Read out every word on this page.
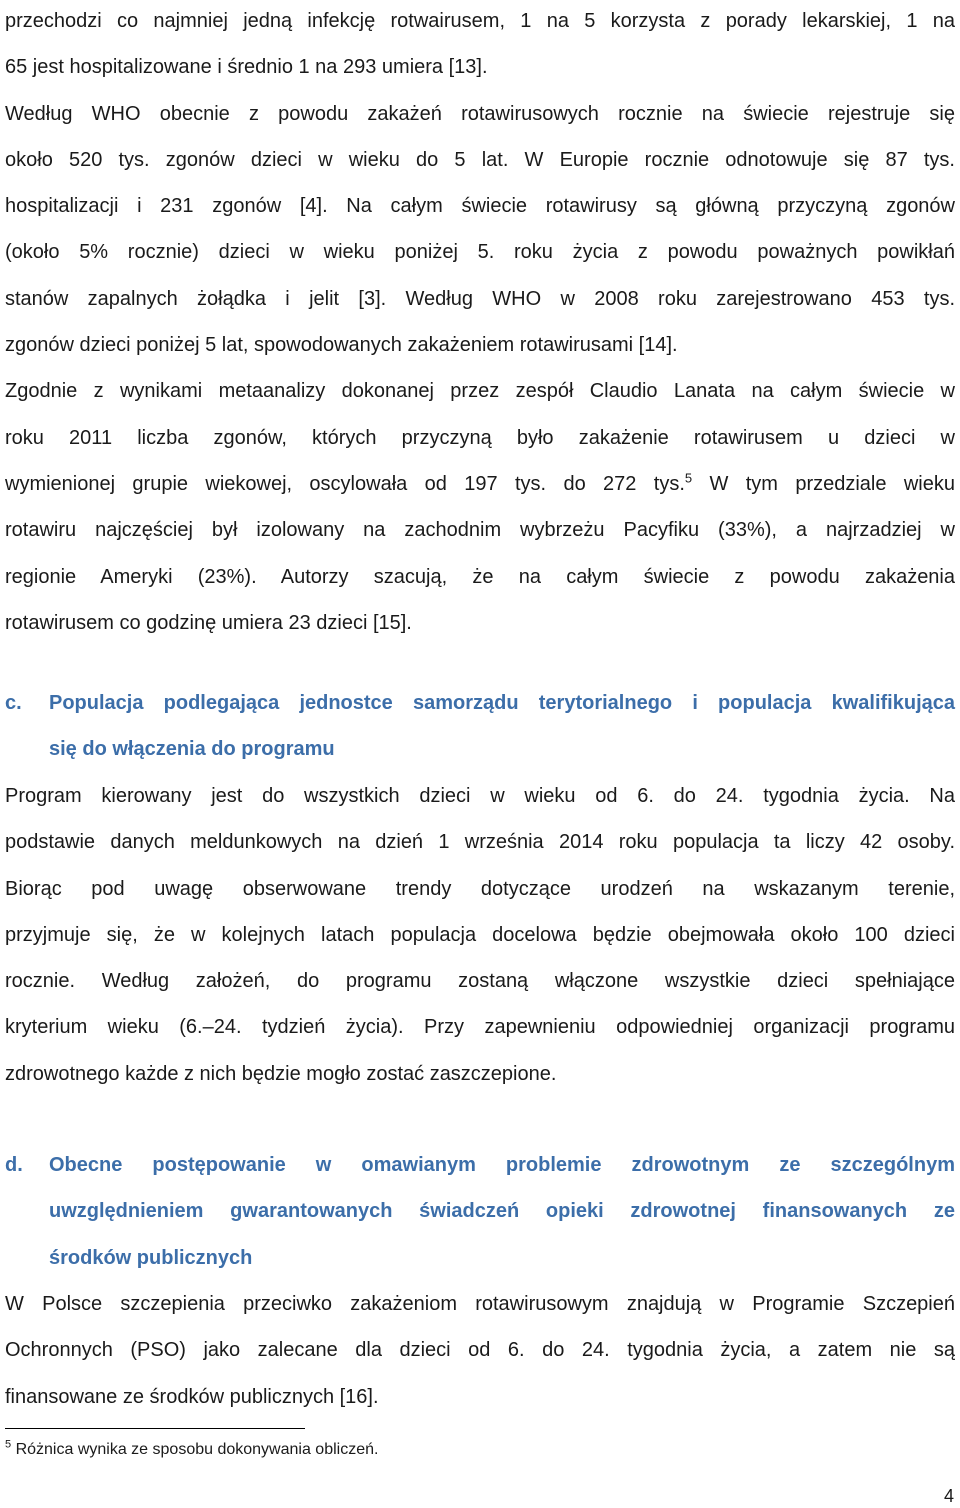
przechodzi co najmniej jedną infekcję rotwairusem, 1 na 5 korzysta z porady lekarskiej, 1 na
65 jest hospitalizowane i średnio 1 na 293 umiera [13].
Według WHO obecnie z powodu zakażeń rotawirusowych rocznie na świecie rejestruje się
około 520 tys. zgonów dzieci w wieku do 5 lat. W Europie rocznie odnotowuje się 87 tys.
hospitalizacji i 231 zgonów [4]. Na całym świecie rotawirusy są główną przyczyną zgonów
(około 5% rocznie) dzieci w wieku poniżej 5. roku życia z powodu poważnych powikłań
stanów zapalnych żołądka i jelit [3]. Według WHO w 2008 roku zarejestrowano 453 tys.
zgonów dzieci poniżej 5 lat, spowodowanych zakażeniem rotawirusami [14].
Zgodnie z wynikami metaanalizy dokonanej przez zespół Claudio Lanata na całym świecie w
roku 2011 liczba zgonów, których przyczyną było zakażenie rotawirusem u dzieci w
wymienionej grupie wiekowej, oscylowała od 197 tys. do 272 tys.$^5$ W tym przedziale wieku
rotawiru najczęściej był izolowany na zachodnim wybrzeżu Pacyfiku (33%), a najrzadziej w
regionie Ameryki (23%). Autorzy szacują, że na całym świecie z powodu zakażenia
rotawirusem co godzinę umiera 23 dzieci [15].
c.	Populacja podlegająca jednostce samorządu terytorialnego i populacja kwalifikująca
się do włączenia do programu
Program kierowany jest do wszystkich dzieci w wieku od 6. do 24. tygodnia życia. Na
podstawie danych meldunkowych na dzień 1 września 2014 roku populacja ta liczy 42 osoby.
Biorąc pod uwagę obserwowane trendy dotyczące urodzeń na wskazanym terenie,
przyjmuje się, że w kolejnych latach populacja docelowa będzie obejmowała około 100 dzieci
rocznie. Według założeń, do programu zostaną włączone wszystkie dzieci spełniające
kryterium wieku (6.–24. tydzień życia). Przy zapewnieniu odpowiedniej organizacji programu
zdrowotnego każde z nich będzie mogło zostać zaszczepione.
d.	Obecne postępowanie w omawianym problemie zdrowotnym ze szczególnym
uwzględnieniem gwarantowanych świadczeń opieki zdrowotnej finansowanych ze
środków publicznych
W Polsce szczepienia przeciwko zakażeniom rotawirusowym znajdują w Programie Szczepień
Ochronnych (PSO) jako zalecane dla dzieci od 6. do 24. tygodnia życia, a zatem nie są
finansowane ze środków publicznych [16].
$^5$ Różnica wynika ze sposobu dokonywania obliczeń.
4
